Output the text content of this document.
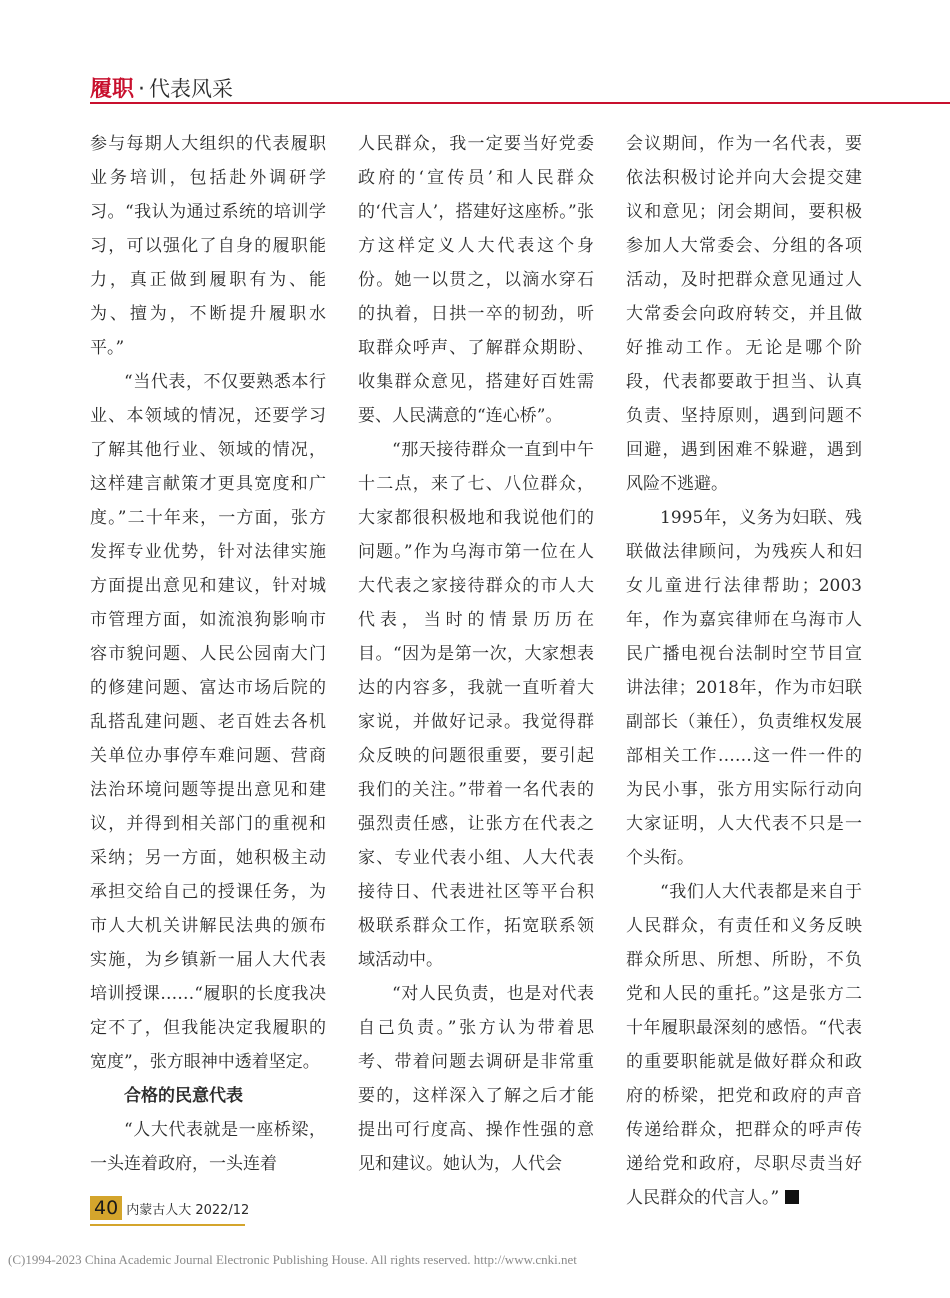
履职 · 代表风采

参与每期人大组织的代表履职业务培训，包括赴外调研学习。“我认为通过系统的培训学习，可以强化了自身的履职能力，真正做到履职有为、能为、擅为，不断提升履职水平。”

“当代表，不仅要熟悉本行业、本领域的情况，还要学习了解其他行业、领域的情况，这样建言献策才更具宽度和广度。”二十年来，一方面，张方发挥专业优势，针对法律实施方面提出意见和建议，针对城市管理方面，如流浪狗影响市容市貌问题、人民公园南大门的修建问题、富达市场后院的乱搭乱建问题、老百姓去各机关单位办事停车难问题、营商法治环境问题等提出意见和建议，并得到相关部门的重视和采纳；另一方面，她积极主动承担交给自己的授课任务，为市人大机关讲解民法典的颁布实施，为乡镇新一届人大代表培训授课……“履职的长度我决定不了，但我能决定我履职的宽度”，张方眼神中透着坚定。

合格的民意代表

“人大代表就是一座桥梁，一头连着政府，一头连着

人民群众，我一定要当好党委政府的‘宣传员’和人民群众的‘代言人’，搭建好这座桥。”张方这样定义人大代表这个身份。她一以贯之，以滴水穿石的执着，日拱一卒的韧劲，听取群众呼声、了解群众期盼、收集群众意见，搭建好百姓需要、人民满意的“连心桥”。

“那天接待群众一直到中午十二点，来了七、八位群众，大家都很积极地和我说他们的问题。”作为乌海市第一位在人大代表之家接待群众的市人大代表，当时的情景历历在目。“因为是第一次，大家想表达的内容多，我就一直听着大家说，并做好记录。我觉得群众反映的问题很重要，要引起我们的关注。”带着一名代表的强烈责任感，让张方在代表之家、专业代表小组、人大代表接待日、代表进社区等平台积极联系群众工作，拓宽联系领域活动中。

“对人民负责，也是对代表自己负责。”张方认为带着思考、带着问题去调研是非常重要的，这样深入了解之后才能提出可行度高、操作性强的意见和建议。她认为，人代会

会议期间，作为一名代表，要依法积极讨论并向大会提交建议和意见；闭会期间，要积极参加人大常委会、分组的各项活动，及时把群众意见通过人大常委会向政府转交，并且做好推动工作。无论是哪个阶段，代表都要敢于担当、认真负责、坚持原则，遇到问题不回避，遇到困难不躲避，遇到风险不逃避。

1995年，义务为妇联、残联做法律顾问，为残疾人和妇女儿童进行法律帮助；2003年，作为嘉宾律师在乌海市人民广播电视台法制时空节目宣讲法律；2018年，作为市妇联副部长（兼任），负责维权发展部相关工作……这一件一件的为民小事，张方用实际行动向大家证明，人大代表不只是一个头衔。

“我们人大代表都是来自于人民群众，有责任和义务反映群众所思、所想、所盼，不负党和人民的重托。”这是张方二十年履职最深刻的感悟。“代表的重要职能就是做好群众和政府的桥梁，把党和政府的声音传递给群众，把群众的呼声传递给党和政府，尽职尽责当好人民群众的代言人。”

40 内蒙古人大 2022/12
(C)1994-2023 China Academic Journal Electronic Publishing House. All rights reserved. http://www.cnki.net
